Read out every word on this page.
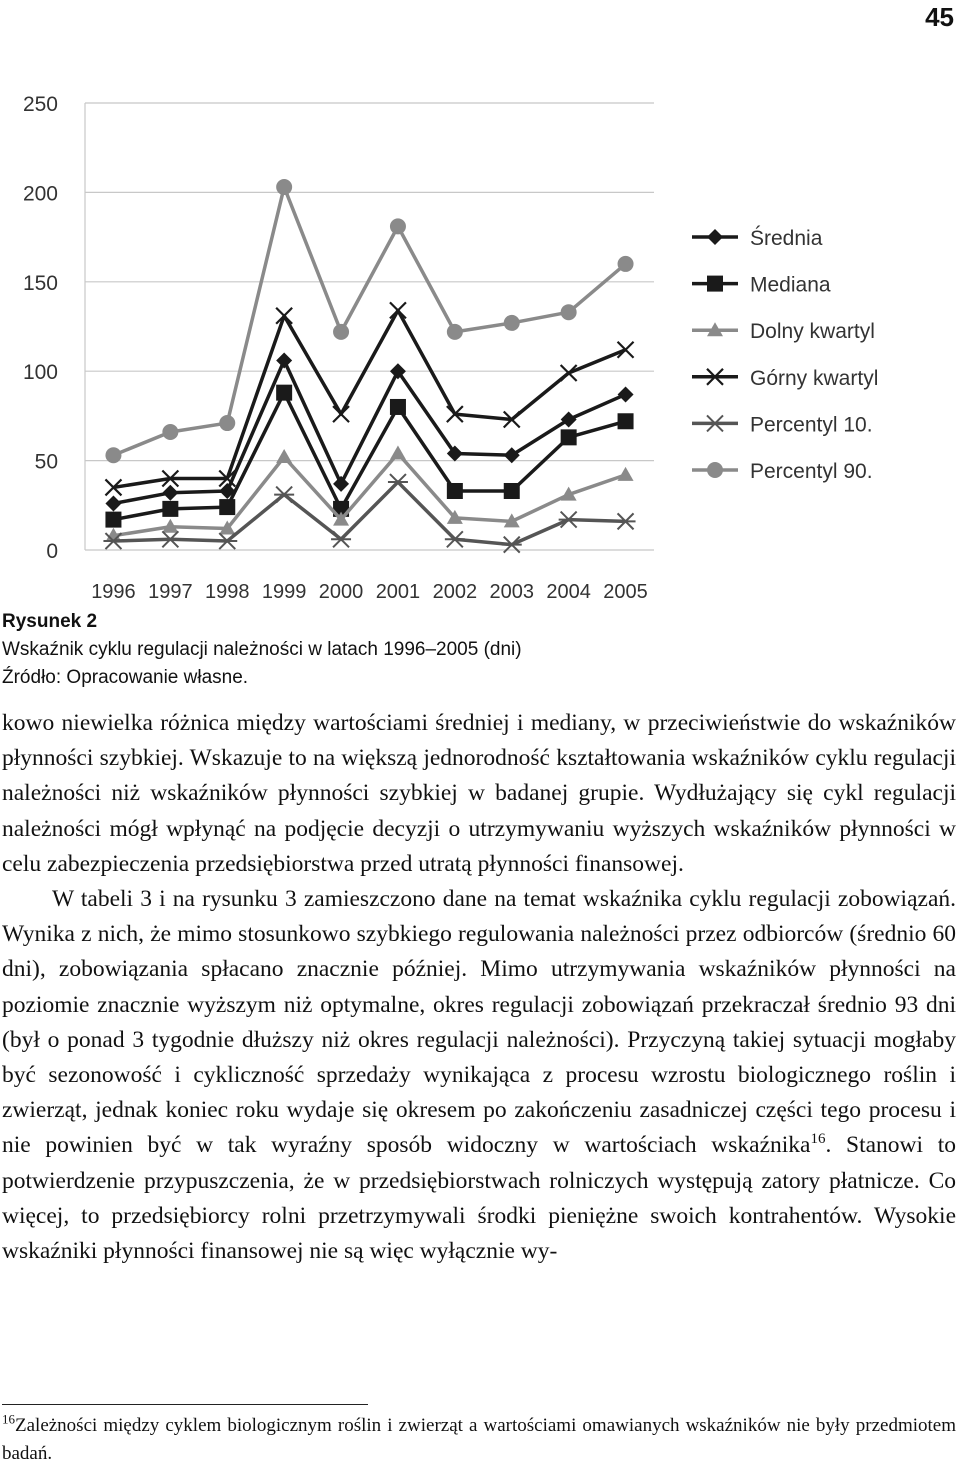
45
0
50
100
150
200
250
1996 1997 1998 1999 2000 2001 2002 2003 2004 2005
Średnia
Mediana
Dolny kwartyl
Górny kwartyl
Percentyl 10.
Percentyl 90.
Rysunek 2
Wskaźnik cyklu regulacji należności w latach 1996–2005 (dni)
Źródło: Opracowanie własne.

kowo niewielka różnica między wartościami średniej i mediany, w przeciwieństwie do wskaźników płynności szybkiej. Wskazuje to na większą jednorodność kształtowania wskaźników cyklu regulacji należności niż wskaźników płynności szybkiej w badanej grupie. Wydłużający się cykl regulacji należności mógł wpłynąć na podjęcie decyzji o utrzymywaniu wyższych wskaźników płynności w celu zabezpieczenia przedsiębiorstwa przed utratą płynności finansowej.

W tabeli 3 i na rysunku 3 zamieszczono dane na temat wskaźnika cyklu regulacji zobowiązań. Wynika z nich, że mimo stosunkowo szybkiego regulowania należności przez odbiorców (średnio 60 dni), zobowiązania spłacano znacznie później. Mimo utrzymywania wskaźników płynności na poziomie znacznie wyższym niż optymalne, okres regulacji zobowiązań przekraczał średnio 93 dni (był o ponad 3 tygodnie dłuższy niż okres regulacji należności). Przyczyną takiej sytuacji mogłaby być sezonowość i cykliczność sprzedaży wynikająca z procesu wzrostu biologicznego roślin i zwierząt, jednak koniec roku wydaje się okresem po zakończeniu zasadniczej części tego procesu i nie powinien być w tak wyraźny sposób widoczny w wartościach wskaźnika$^{16}$. Stanowi to potwierdzenie przypuszczenia, że w przedsiębiorstwach rolniczych występują zatory płatnicze. Co więcej, to przedsiębiorcy rolni przetrzymywali środki pieniężne swoich kontrahentów. Wysokie wskaźniki płynności finansowej nie są więc wyłącznie wy-

$^{16}$Zależności między cyklem biologicznym roślin i zwierząt a wartościami omawianych wskaźników nie były przedmiotem badań.
